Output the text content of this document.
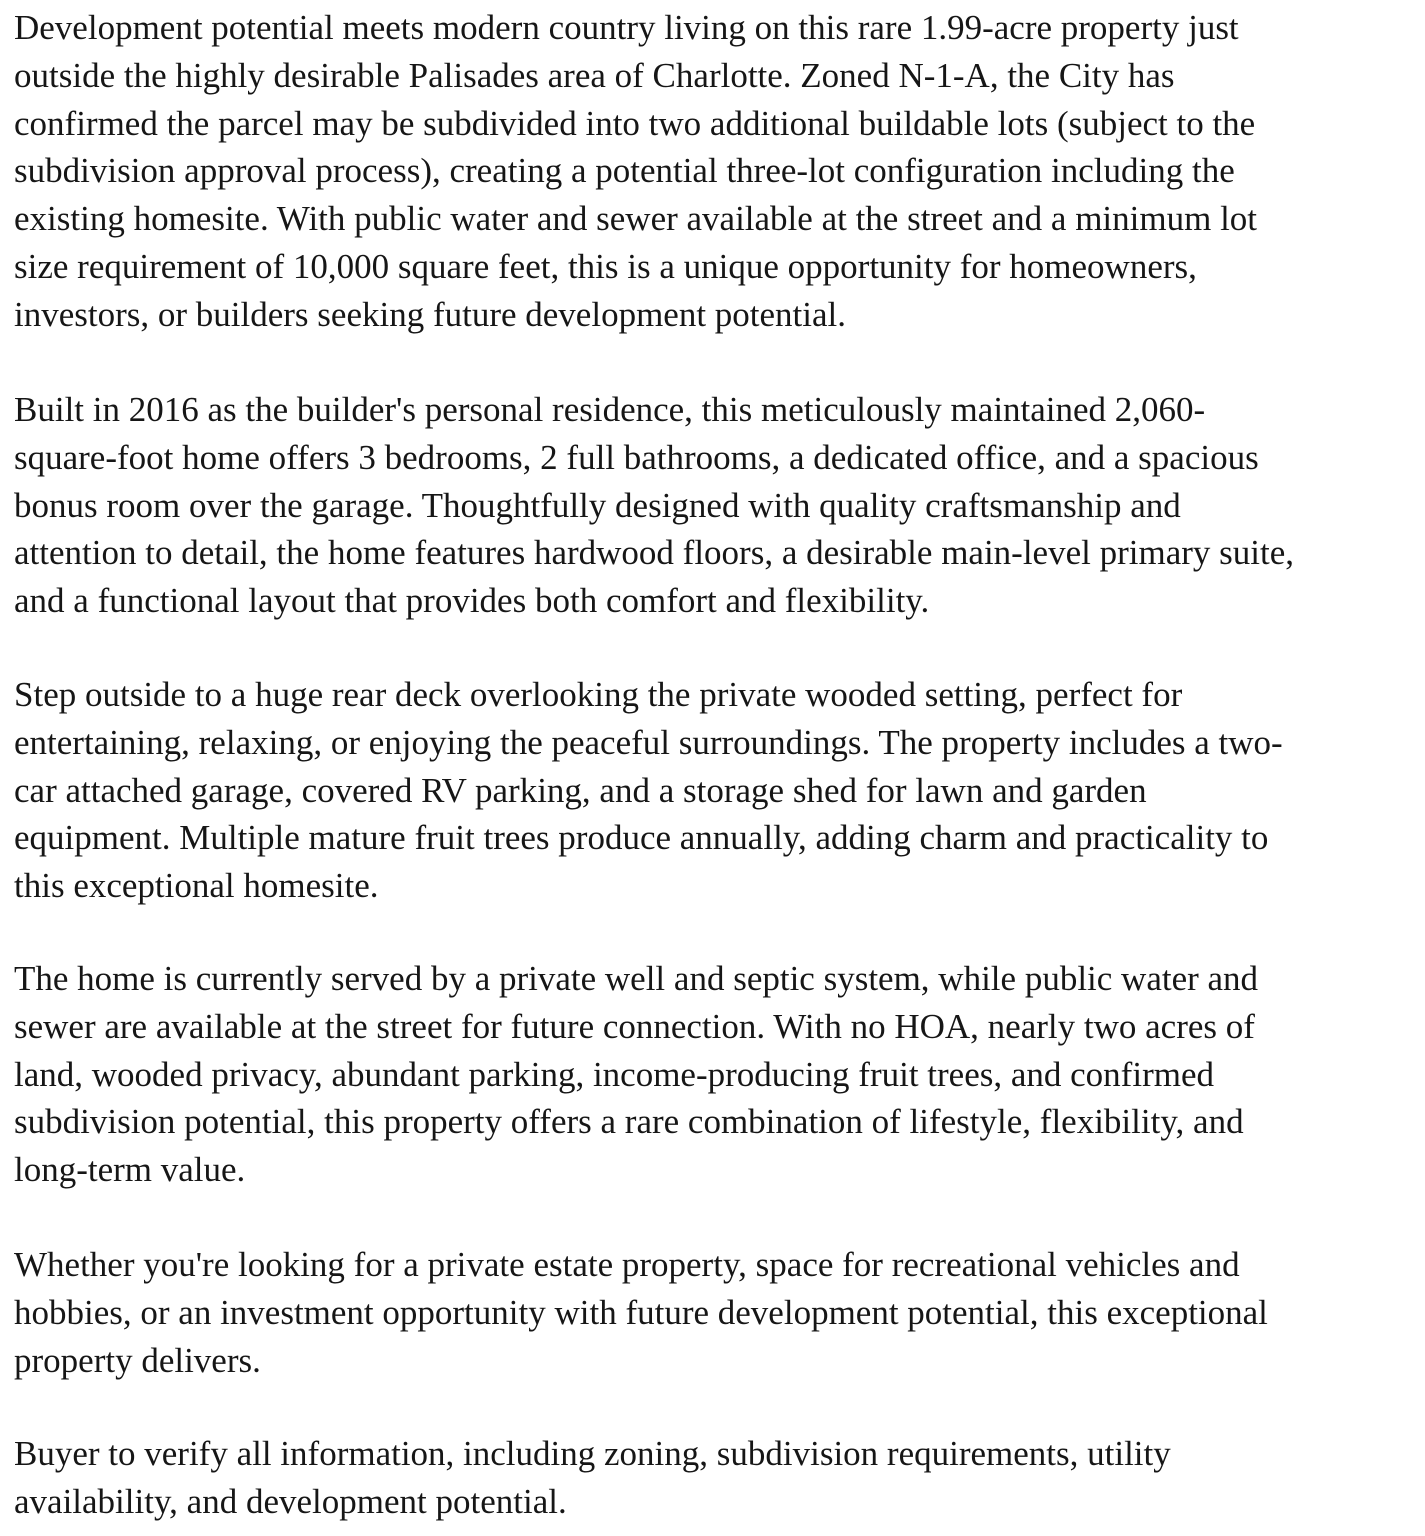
Development potential meets modern country living on this rare 1.99-acre property just
outside the highly desirable Palisades area of Charlotte. Zoned N-1-A, the City has
confirmed the parcel may be subdivided into two additional buildable lots (subject to the
subdivision approval process), creating a potential three-lot configuration including the
existing homesite. With public water and sewer available at the street and a minimum lot
size requirement of 10,000 square feet, this is a unique opportunity for homeowners,
investors, or builders seeking future development potential.

Built in 2016 as the builder's personal residence, this meticulously maintained 2,060-
square-foot home offers 3 bedrooms, 2 full bathrooms, a dedicated office, and a spacious
bonus room over the garage. Thoughtfully designed with quality craftsmanship and
attention to detail, the home features hardwood floors, a desirable main-level primary suite,
and a functional layout that provides both comfort and flexibility.

Step outside to a huge rear deck overlooking the private wooded setting, perfect for
entertaining, relaxing, or enjoying the peaceful surroundings. The property includes a two-
car attached garage, covered RV parking, and a storage shed for lawn and garden
equipment. Multiple mature fruit trees produce annually, adding charm and practicality to
this exceptional homesite.

The home is currently served by a private well and septic system, while public water and
sewer are available at the street for future connection. With no HOA, nearly two acres of
land, wooded privacy, abundant parking, income-producing fruit trees, and confirmed
subdivision potential, this property offers a rare combination of lifestyle, flexibility, and
long-term value.

Whether you're looking for a private estate property, space for recreational vehicles and
hobbies, or an investment opportunity with future development potential, this exceptional
property delivers.

Buyer to verify all information, including zoning, subdivision requirements, utility
availability, and development potential.
